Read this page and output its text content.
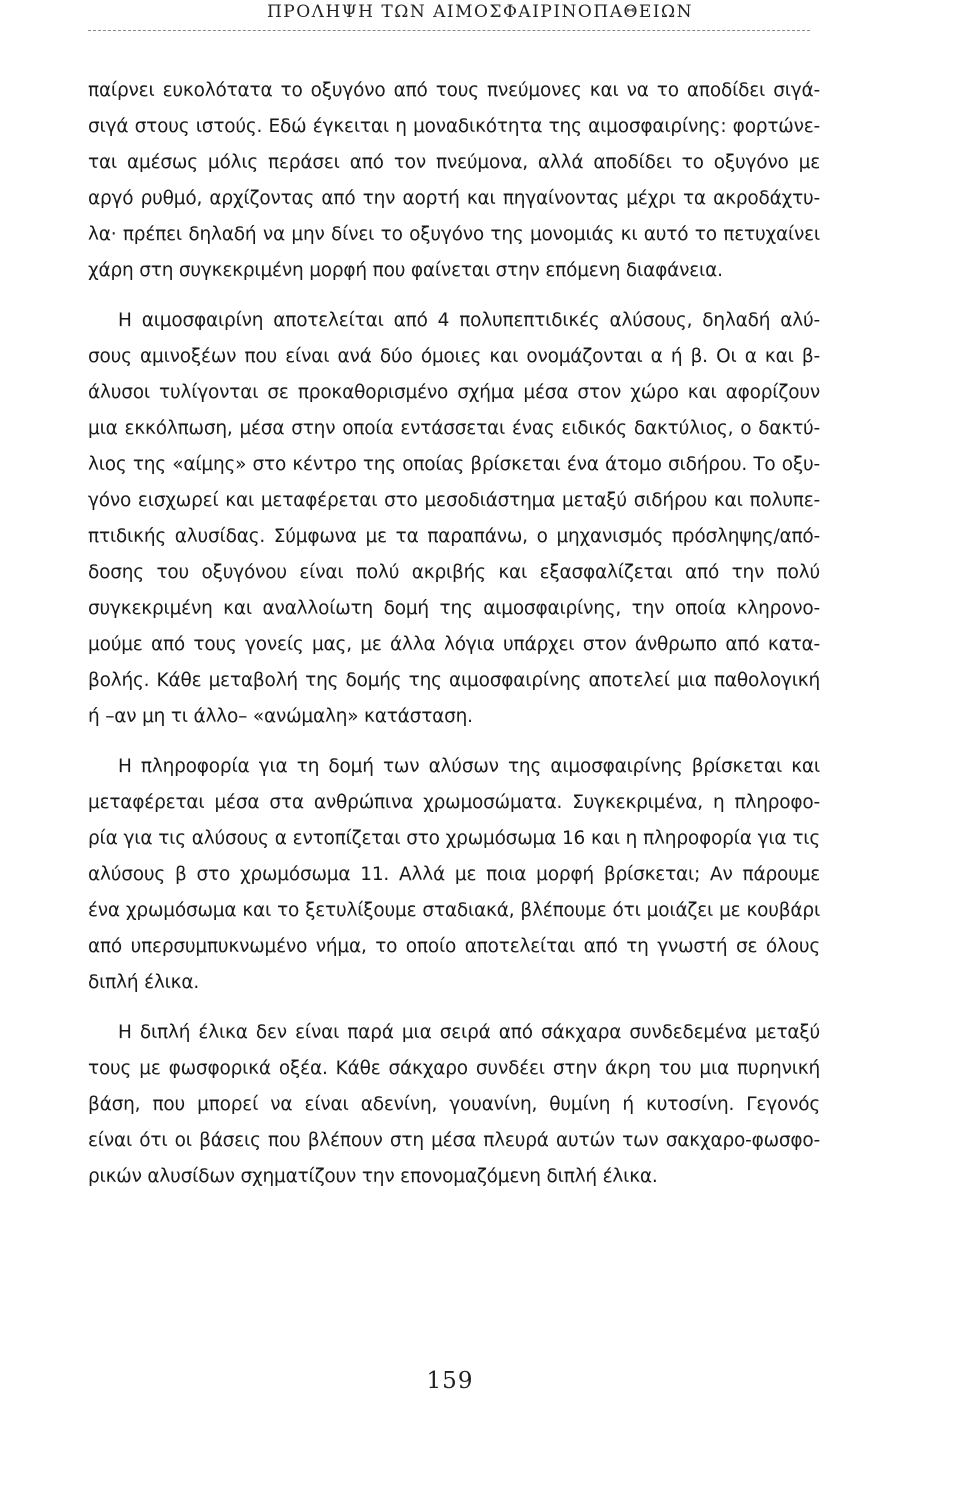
ΠΡΟΛΗΨΗ ΤΩΝ ΑΙΜΟΣΦΑΙΡΙΝΟΠΑΘΕΙΩΝ
παίρνει ευκολότατα το οξυγόνο από τους πνεύμονες και να το αποδίδει σιγά-
σιγά στους ιστούς. Εδώ έγκειται η μοναδικότητα της αιμοσφαιρίνης: φορτώνε-
ται αμέσως μόλις περάσει από τον πνεύμονα, αλλά αποδίδει το οξυγόνο με
αργό ρυθμό, αρχίζοντας από την αορτή και πηγαίνοντας μέχρι τα ακροδάχτυ-
λα· πρέπει δηλαδή να μην δίνει το οξυγόνο της μονομιάς κι αυτό το πετυχαίνει
χάρη στη συγκεκριμένη μορφή που φαίνεται στην επόμενη διαφάνεια.
Η αιμοσφαιρίνη αποτελείται από 4 πολυπεπτιδικές αλύσους, δηλαδή αλύ-
σους αμινοξέων που είναι ανά δύο όμοιες και ονομάζονται α ή β. Οι α και β-
άλυσοι τυλίγονται σε προκαθορισμένο σχήμα μέσα στον χώρο και αφορίζουν
μια εκκόλπωση, μέσα στην οποία εντάσσεται ένας ειδικός δακτύλιος, ο δακτύ-
λιος της «αίμης» στο κέντρο της οποίας βρίσκεται ένα άτομο σιδήρου. Το οξυ-
γόνο εισχωρεί και μεταφέρεται στο μεσοδιάστημα μεταξύ σιδήρου και πολυπε-
πτιδικής αλυσίδας. Σύμφωνα με τα παραπάνω, ο μηχανισμός πρόσληψης/από-
δοσης του οξυγόνου είναι πολύ ακριβής και εξασφαλίζεται από την πολύ
συγκεκριμένη και αναλλοίωτη δομή της αιμοσφαιρίνης, την οποία κληρονο-
μούμε από τους γονείς μας, με άλλα λόγια υπάρχει στον άνθρωπο από κατα-
βολής. Κάθε μεταβολή της δομής της αιμοσφαιρίνης αποτελεί μια παθολογική
ή –αν μη τι άλλο– «ανώμαλη» κατάσταση.
Η πληροφορία για τη δομή των αλύσων της αιμοσφαιρίνης βρίσκεται και
μεταφέρεται μέσα στα ανθρώπινα χρωμοσώματα. Συγκεκριμένα, η πληροφο-
ρία για τις αλύσους α εντοπίζεται στο χρωμόσωμα 16 και η πληροφορία για τις
αλύσους β στο χρωμόσωμα 11. Αλλά με ποια μορφή βρίσκεται; Αν πάρουμε
ένα χρωμόσωμα και το ξετυλίξουμε σταδιακά, βλέπουμε ότι μοιάζει με κουβάρι
από υπερσυμπυκνωμένο νήμα, το οποίο αποτελείται από τη γνωστή σε όλους
διπλή έλικα.
Η διπλή έλικα δεν είναι παρά μια σειρά από σάκχαρα συνδεδεμένα μεταξύ
τους με φωσφορικά οξέα. Κάθε σάκχαρο συνδέει στην άκρη του μια πυρηνική
βάση, που μπορεί να είναι αδενίνη, γουανίνη, θυμίνη ή κυτοσίνη. Γεγονός
είναι ότι οι βάσεις που βλέπουν στη μέσα πλευρά αυτών των σακχαρο-φωσφο-
ρικών αλυσίδων σχηματίζουν την επονομαζόμενη διπλή έλικα.
159
